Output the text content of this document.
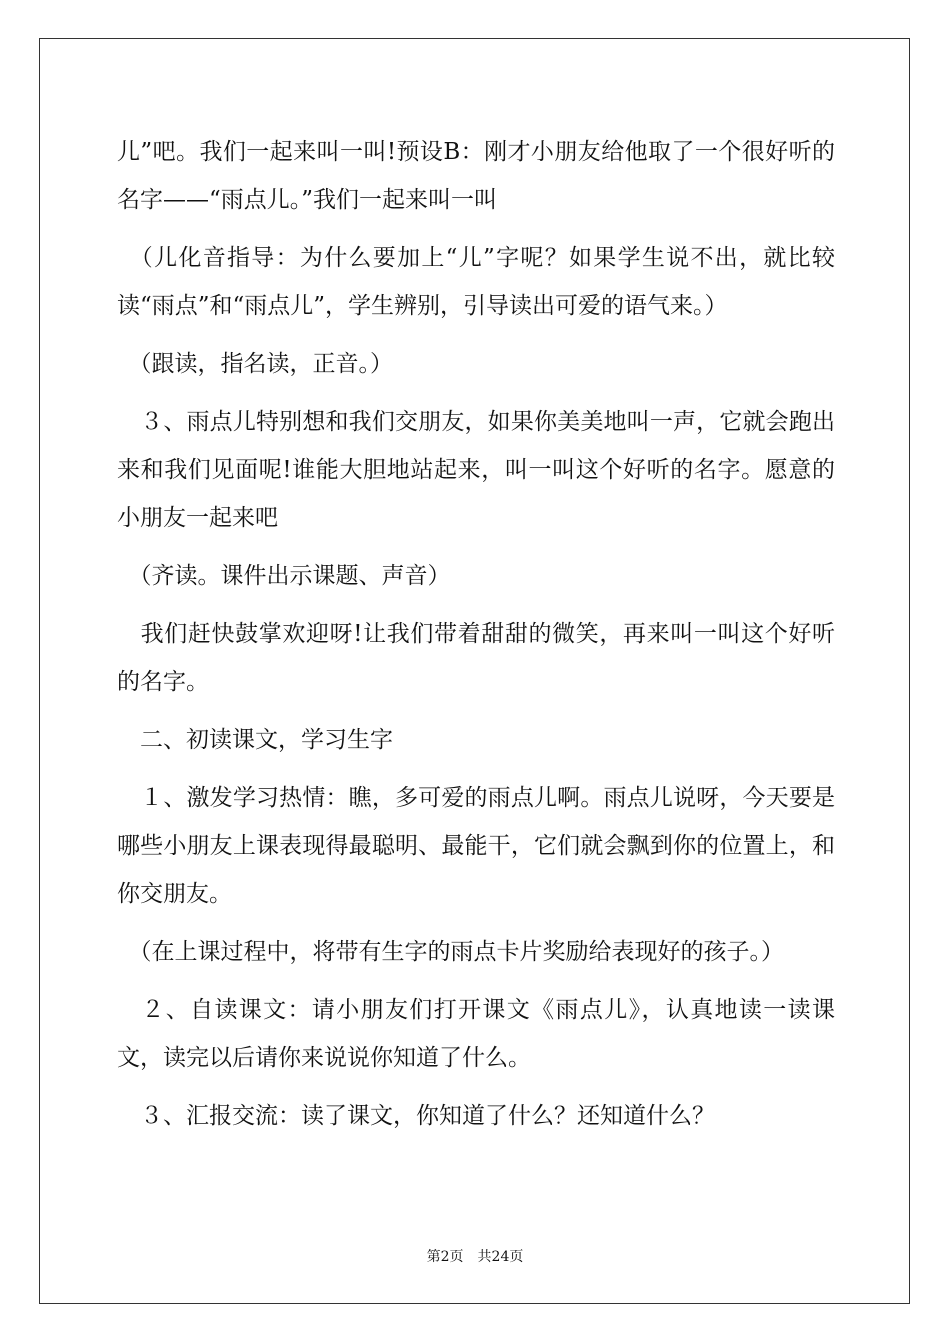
儿”吧。我们一起来叫一叫!预设B：刚才小朋友给他取了一个很好听的名字——“雨点儿。”我们一起来叫一叫

　（儿化音指导：为什么要加上“儿”字呢？如果学生说不出，就比较读“雨点”和“雨点儿”，学生辨别，引导读出可爱的语气来。）

　（跟读，指名读，正音。）

　３、雨点儿特别想和我们交朋友，如果你美美地叫一声，它就会跑出来和我们见面呢!谁能大胆地站起来，叫一叫这个好听的名字。愿意的小朋友一起来吧

　（齐读。课件出示课题、声音）

　我们赶快鼓掌欢迎呀!让我们带着甜甜的微笑，再来叫一叫这个好听的名字。

　二、初读课文，学习生字

　１、激发学习热情：瞧，多可爱的雨点儿啊。雨点儿说呀，今天要是哪些小朋友上课表现得最聪明、最能干，它们就会飘到你的位置上，和你交朋友。

　（在上课过程中，将带有生字的雨点卡片奖励给表现好的孩子。）

　２、自读课文：请小朋友们打开课文《雨点儿》，认真地读一读课文，读完以后请你来说说你知道了什么。

　３、汇报交流：读了课文，你知道了什么？还知道什么？

第2页　共24页
